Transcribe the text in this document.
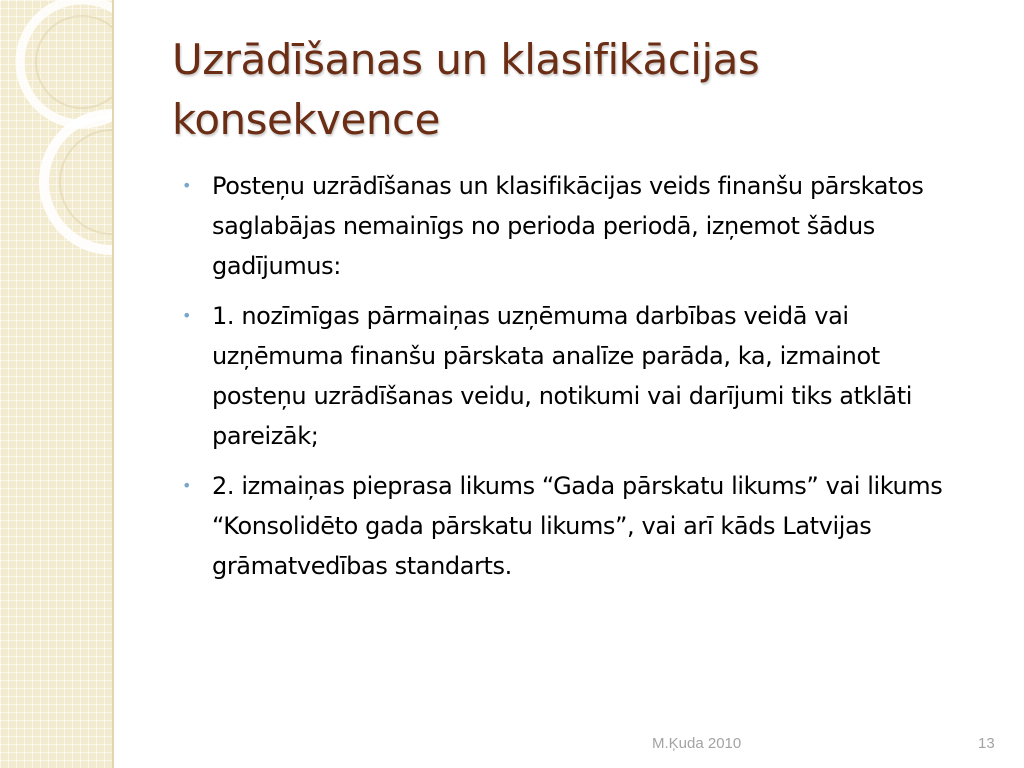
Uzrādīšanas un klasifikācijas konsekvence
• Posteņu uzrādīšanas un klasifikācijas veids finanšu pārskatos saglabājas nemainīgs no perioda periodā, izņemot šādus gadījumus:
• 1. nozīmīgas pārmaiņas uzņēmuma darbības veidā vai uzņēmuma finanšu pārskata analīze parāda, ka, izmainot posteņu uzrādīšanas veidu, notikumi vai darījumi tiks atklāti pareizāk;
• 2. izmaiņas pieprasa likums “Gada pārskatu likums” vai likums “Konsolidēto gada pārskatu likums”, vai arī kāds Latvijas grāmatvedības standarts.
M.Ķuda 2010	13
